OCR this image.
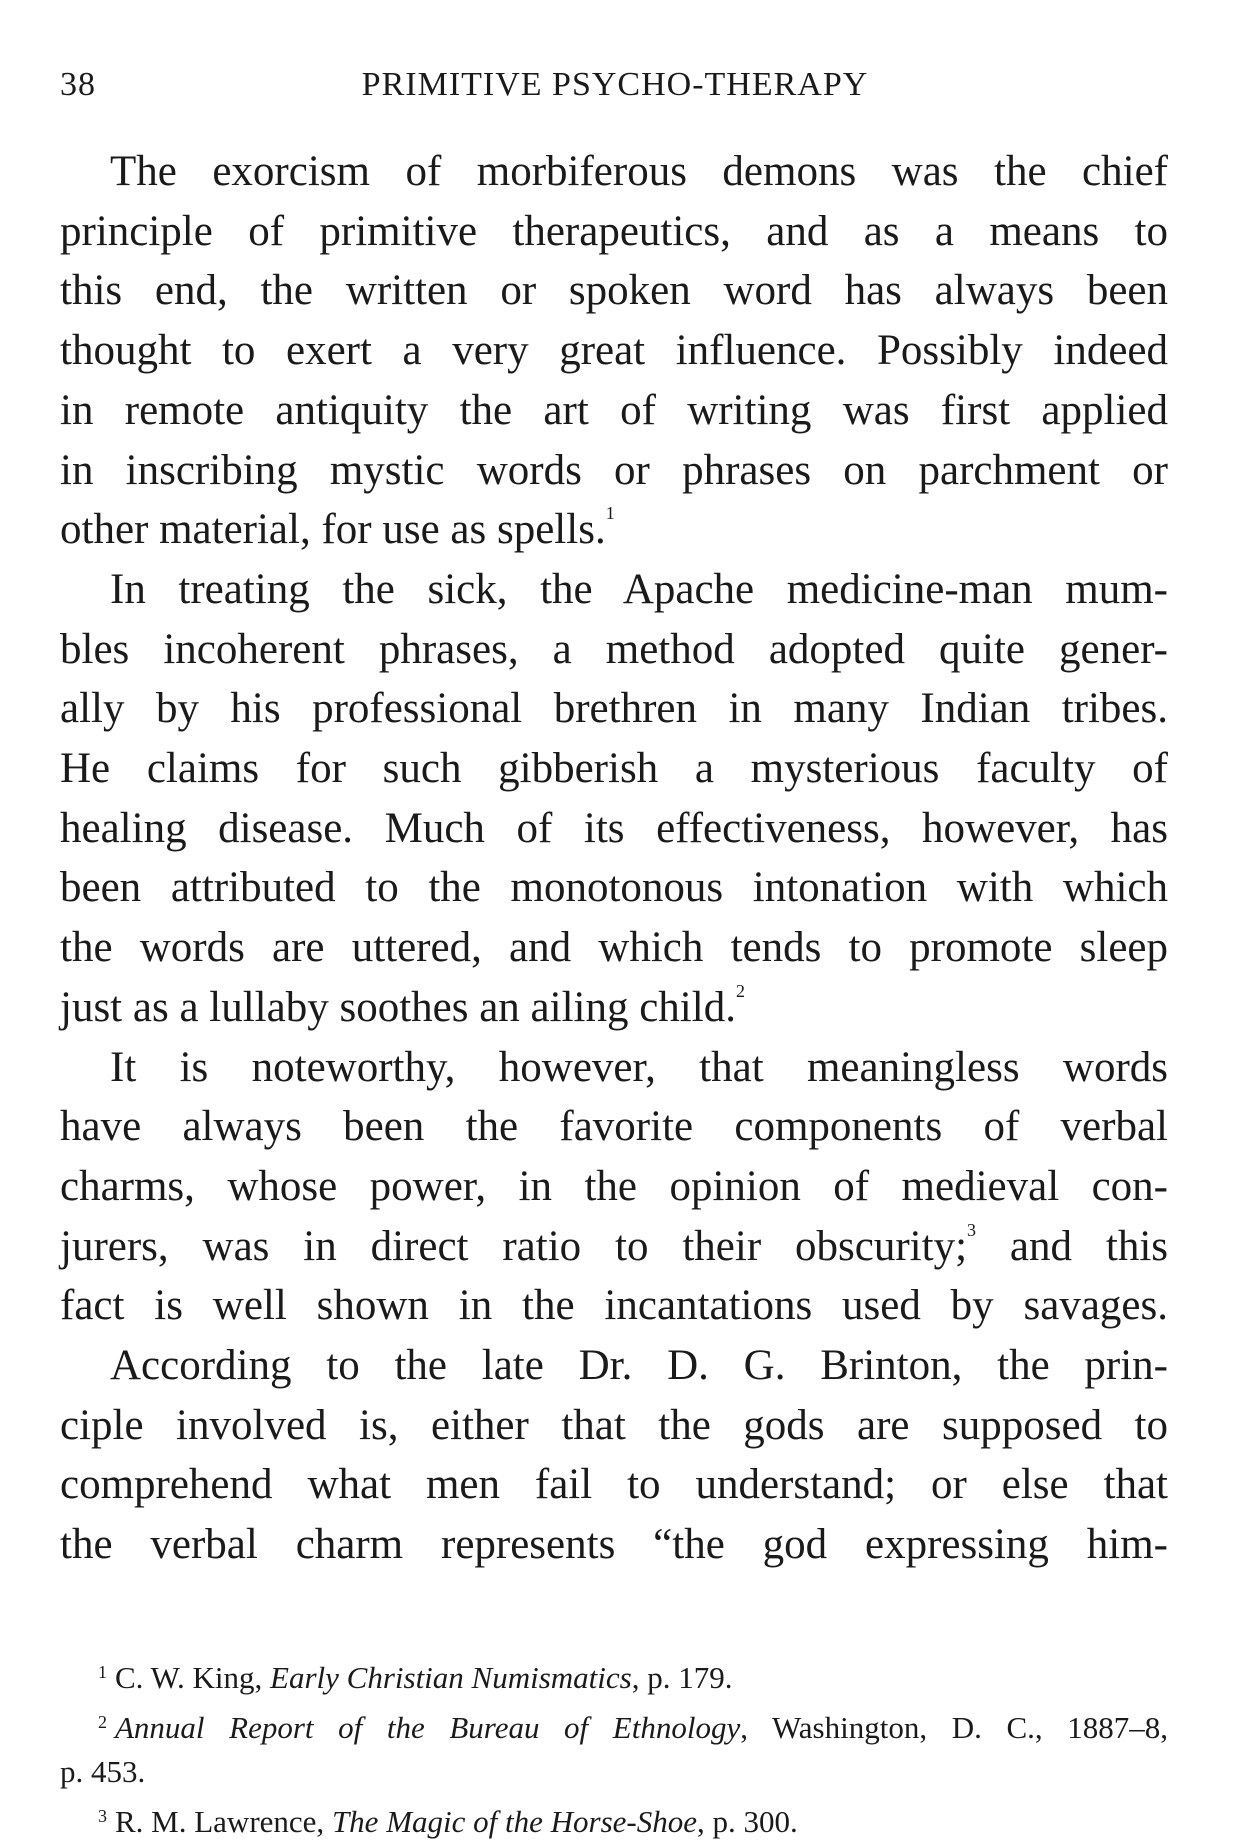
38	PRIMITIVE PSYCHO-THERAPY
The exorcism of morbiferous demons was the chief
principle of primitive therapeutics, and as a means to
this end, the written or spoken word has always been
thought to exert a very great influence. Possibly indeed
in remote antiquity the art of writing was first applied
in inscribing mystic words or phrases on parchment or
other material, for use as spells.$^1$
In treating the sick, the Apache medicine-man mum-
bles incoherent phrases, a method adopted quite gener-
ally by his professional brethren in many Indian tribes.
He claims for such gibberish a mysterious faculty of
healing disease. Much of its effectiveness, however, has
been attributed to the monotonous intonation with which
the words are uttered, and which tends to promote sleep
just as a lullaby soothes an ailing child.$^2$
It is noteworthy, however, that meaningless words
have always been the favorite components of verbal
charms, whose power, in the opinion of medieval con-
jurers, was in direct ratio to their obscurity;$^3$ and this
fact is well shown in the incantations used by savages.
According to the late Dr. D. G. Brinton, the prin-
ciple involved is, either that the gods are supposed to
comprehend what men fail to understand; or else that
the verbal charm represents “the god expressing him-
$^1$ C. W. King, Early Christian Numismatics, p. 179.
$^2$ Annual Report of the Bureau of Ethnology, Washington, D. C., 1887–8,
p. 453.
$^3$ R. M. Lawrence, The Magic of the Horse-Shoe, p. 300.
